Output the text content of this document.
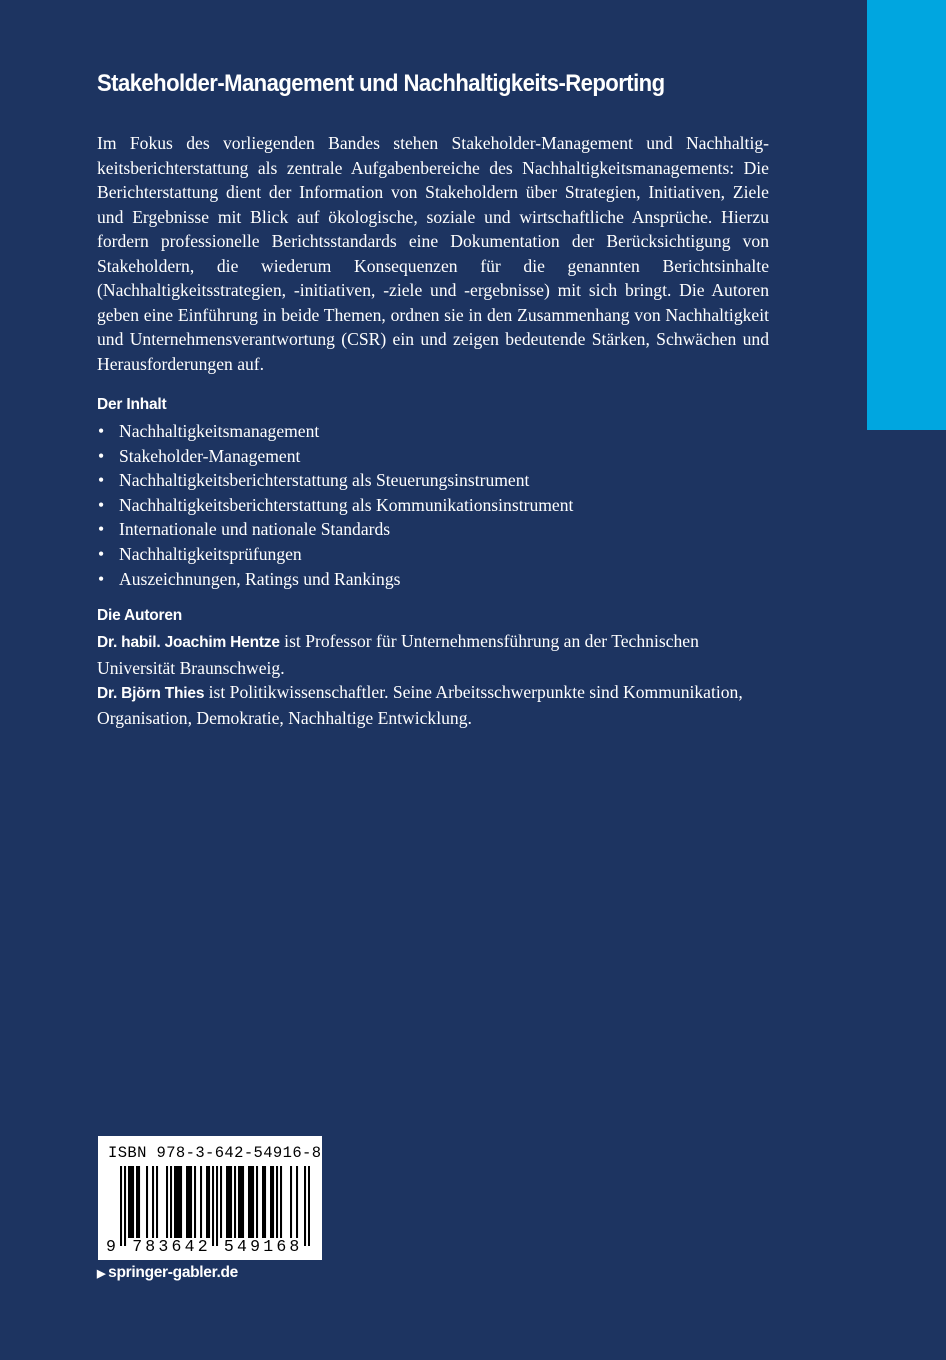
Stakeholder-Management und Nachhaltigkeits-Reporting

Im Fokus des vorliegenden Bandes stehen Stakeholder-Management und Nachhaltigkeitsberichterstattung als zentrale Aufgabenbereiche des Nachhaltigkeitsmanagements: Die Berichterstattung dient der Information von Stakeholdern über Strategien, Initiativen, Ziele und Ergebnisse mit Blick auf ökologische, soziale und wirtschaftliche Ansprüche. Hierzu fordern professionelle Berichtsstandards eine Dokumentation der Berücksichtigung von Stakeholdern, die wiederum Konsequenzen für die genannten Berichtsinhalte (Nachhaltigkeitsstrategien, -initiativen, -ziele und -ergebnisse) mit sich bringt. Die Autoren geben eine Einführung in beide Themen, ordnen sie in den Zusammenhang von Nachhaltigkeit und Unternehmensverantwortung (CSR) ein und zeigen bedeutende Stärken, Schwächen und Herausforderungen auf.

Der Inhalt
• Nachhaltigkeitsmanagement
• Stakeholder-Management
• Nachhaltigkeitsberichterstattung als Steuerungsinstrument
• Nachhaltigkeitsberichterstattung als Kommunikationsinstrument
• Internationale und nationale Standards
• Nachhaltigkeitsprüfungen
• Auszeichnungen, Ratings und Rankings
Die Autoren

Dr. habil. Joachim Hentze ist Professor für Unternehmensführung an der Technischen Universität Braunschweig.

Dr. Björn Thies ist Politikwissenschaftler. Seine Arbeitsschwerpunkte sind Kommunikation, Organisation, Demokratie, Nachhaltige Entwicklung.

ISBN 978-3-642-54916-8
9 783642 549168
▶ springer-gabler.de
